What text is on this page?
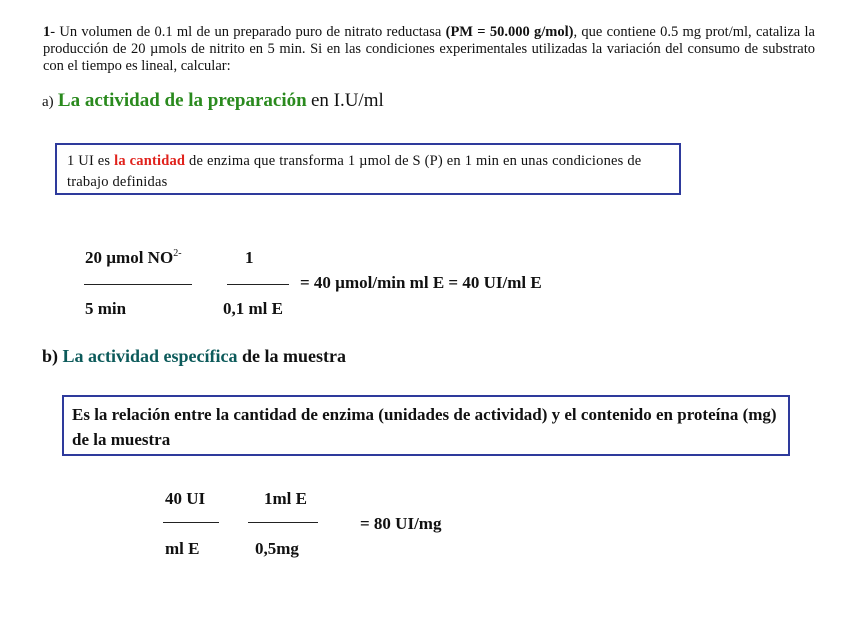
1- Un volumen de 0.1 ml de un preparado puro de nitrato reductasa (PM = 50.000 g/mol), que contiene 0.5 mg prot/ml, cataliza la producción de 20 µmols de nitrito en 5 min. Si en las condiciones experimentales utilizadas la variación del consumo de substrato con el tiempo es lineal, calcular:
a) La actividad de la preparación en I.U/ml
1 UI es la cantidad de enzima que transforma 1 µmol de S (P) en 1 min en unas condiciones de trabajo definidas
20 µmol $NO^{2-}$
5 min
1
0,1 ml E
= 40 µmol/min ml E = 40 UI/ml E
b) La actividad específica de la muestra
Es la relación entre la cantidad de enzima (unidades de actividad) y el contenido en proteína (mg) de la muestra
40 UI
ml E
1ml E
0,5mg
= 80 UI/mg
